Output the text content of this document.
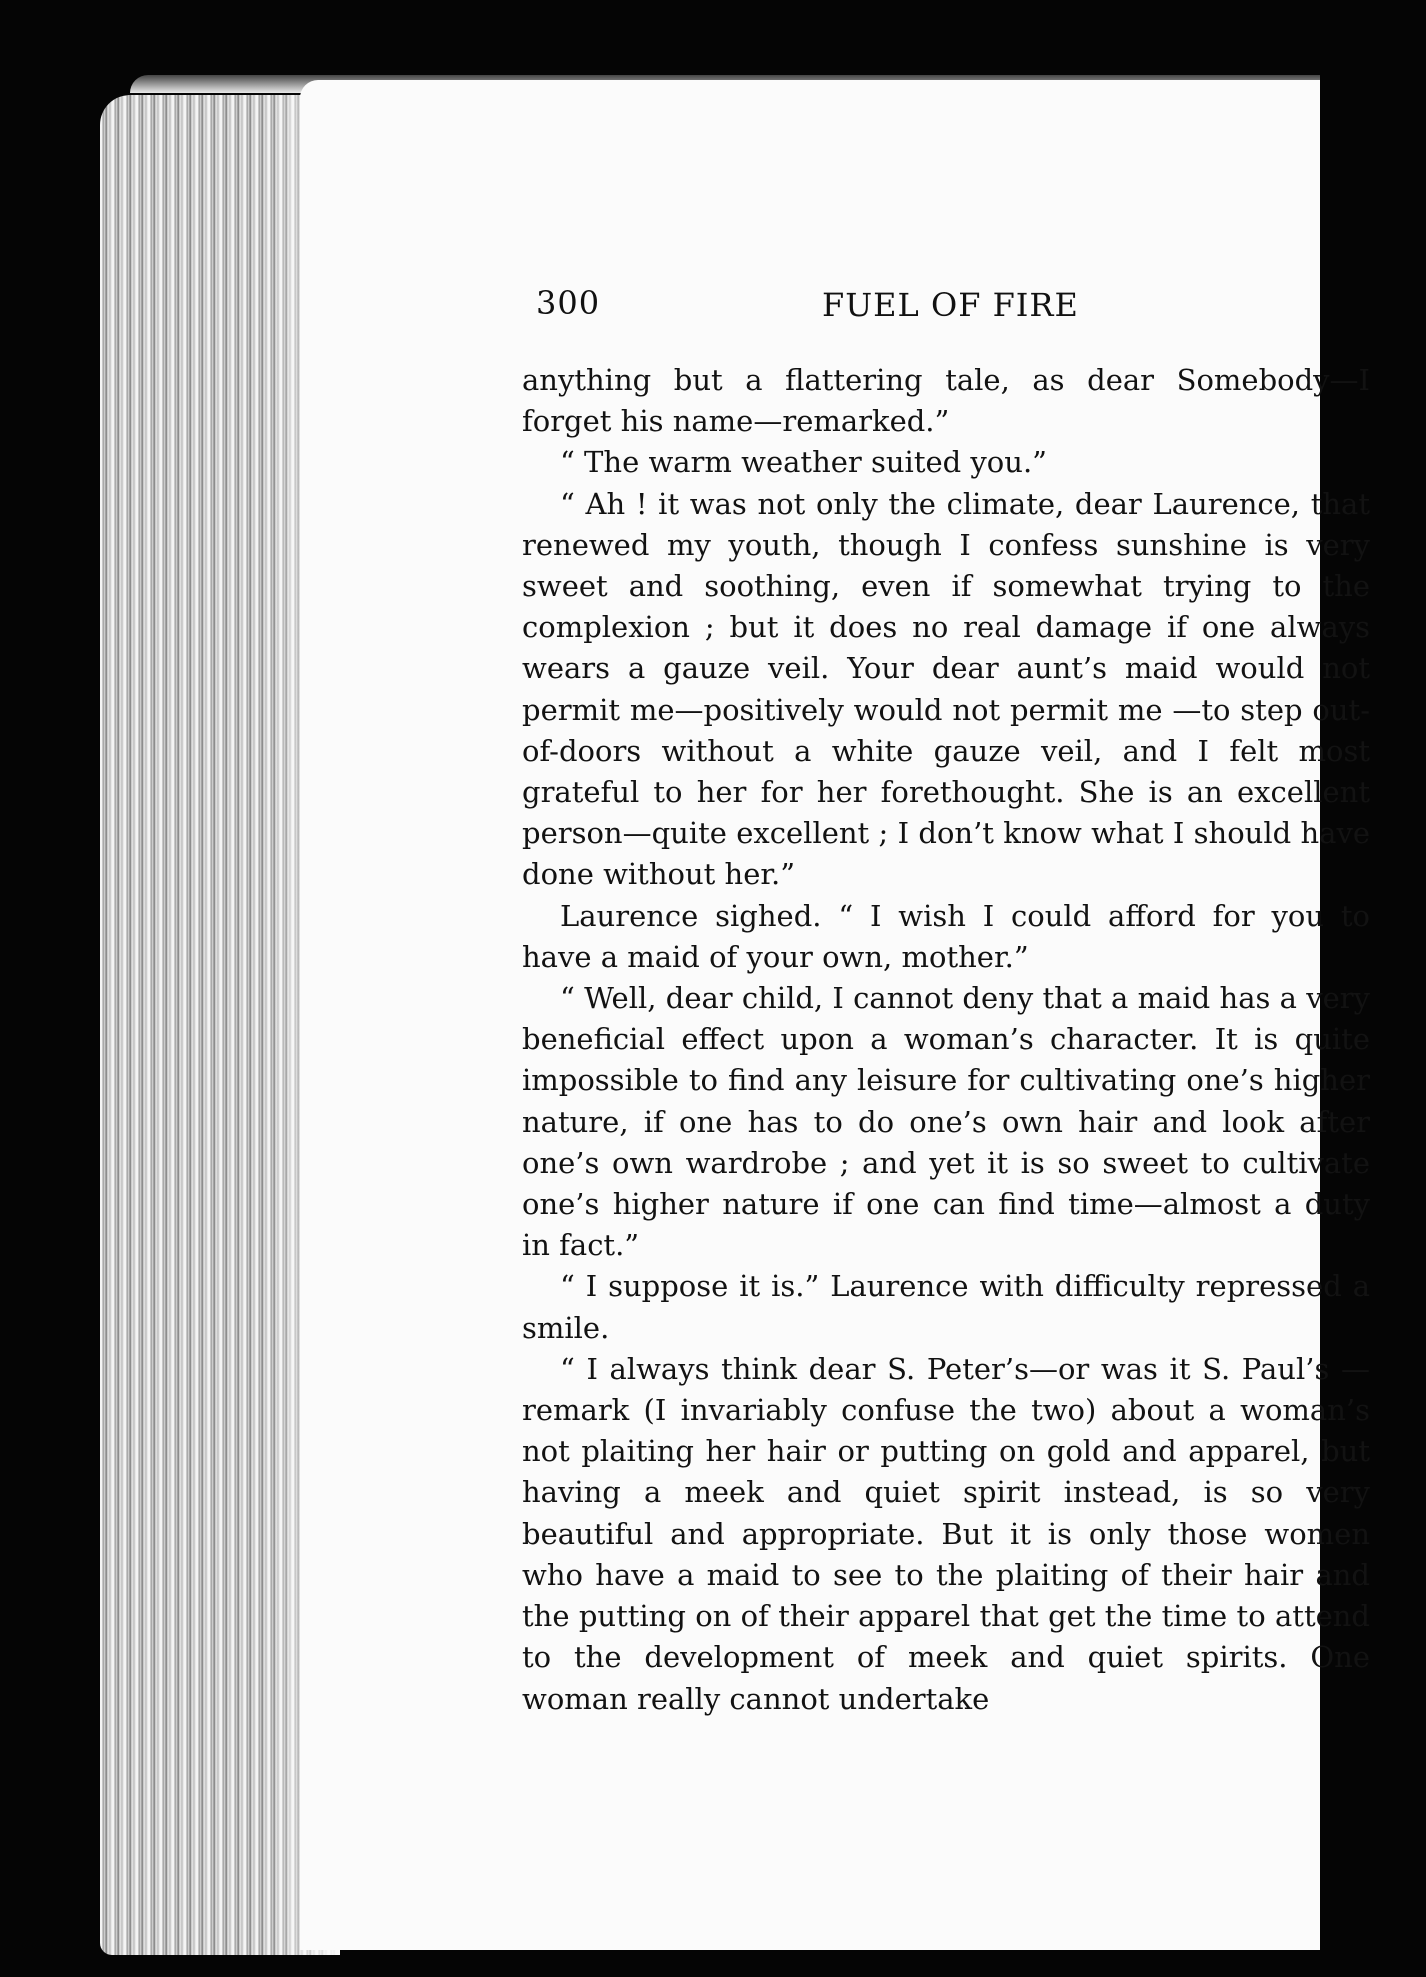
300	FUEL OF FIRE

anything but a flattering tale, as dear Somebody—I forget his name—remarked.”

“ The warm weather suited you.”

“ Ah ! it was not only the climate, dear Laurence, that renewed my youth, though I confess sunshine is very sweet and soothing, even if somewhat trying to the complexion ; but it does no real damage if one always wears a gauze veil. Your dear aunt’s maid would not permit me—positively would not permit me —to step out-of-doors without a white gauze veil, and I felt most grateful to her for her forethought. She is an excellent person—quite excellent ; I don’t know what I should have done without her.”

Laurence sighed. “ I wish I could afford for you to have a maid of your own, mother.”

“ Well, dear child, I cannot deny that a maid has a very beneficial effect upon a woman’s character. It is quite impossible to find any leisure for cultivating one’s higher nature, if one has to do one’s own hair and look after one’s own wardrobe ; and yet it is so sweet to cultivate one’s higher nature if one can find time—almost a duty in fact.”

“ I suppose it is.” Laurence with difficulty repressed a smile.

“ I always think dear S. Peter’s—or was it S. Paul’s —remark (I invariably confuse the two) about a woman’s not plaiting her hair or putting on gold and apparel, but having a meek and quiet spirit instead, is so very beautiful and appropriate. But it is only those women who have a maid to see to the plaiting of their hair and the putting on of their apparel that get the time to attend to the development of meek and quiet spirits. One woman really cannot undertake
